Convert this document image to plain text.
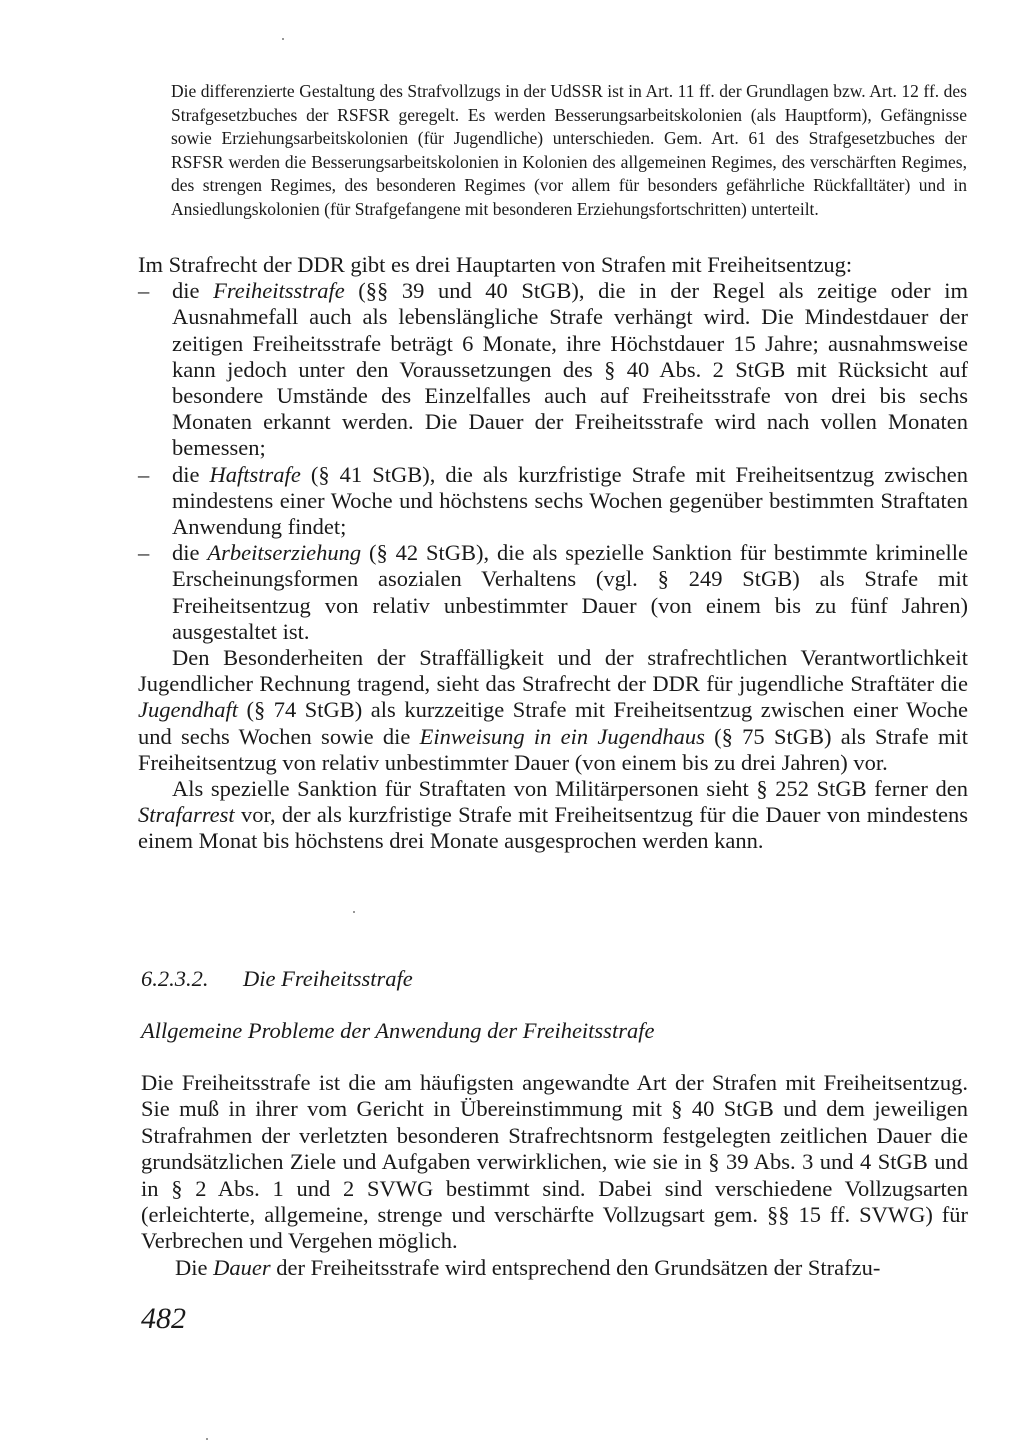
Die differenzierte Gestaltung des Strafvollzugs in der UdSSR ist in Art. 11 ff. der Grundlagen bzw. Art. 12 ff. des Strafgesetzbuches der RSFSR geregelt. Es werden Besserungsarbeitskolonien (als Hauptform), Gefängnisse sowie Erziehungsarbeitskolonien (für Jugendliche) unterschieden. Gem. Art. 61 des Strafgesetzbuches der RSFSR werden die Besserungsarbeitskolonien in Kolonien des allgemeinen Regimes, des verschärften Regimes, des strengen Regimes, des besonderen Regimes (vor allem für besonders gefährliche Rückfalltäter) und in Ansiedlungskolonien (für Strafgefangene mit besonderen Erziehungsfortschritten) unterteilt.

Im Strafrecht der DDR gibt es drei Hauptarten von Strafen mit Freiheitsentzug:

– die Freiheitsstrafe (§§ 39 und 40 StGB), die in der Regel als zeitige oder im Ausnahmefall auch als lebenslängliche Strafe verhängt wird. Die Mindestdauer der zeitigen Freiheitsstrafe beträgt 6 Monate, ihre Höchstdauer 15 Jahre; ausnahmsweise kann jedoch unter den Voraussetzungen des § 40 Abs. 2 StGB mit Rücksicht auf besondere Umstände des Einzelfalles auch auf Freiheitsstrafe von drei bis sechs Monaten erkannt werden. Die Dauer der Freiheitsstrafe wird nach vollen Monaten bemessen;
– die Haftstrafe (§ 41 StGB), die als kurzfristige Strafe mit Freiheitsentzug zwischen mindestens einer Woche und höchstens sechs Wochen gegenüber bestimmten Straftaten Anwendung findet;
– die Arbeitserziehung (§ 42 StGB), die als spezielle Sanktion für bestimmte kriminelle Erscheinungsformen asozialen Verhaltens (vgl. § 249 StGB) als Strafe mit Freiheitsentzug von relativ unbestimmter Dauer (von einem bis zu fünf Jahren) ausgestaltet ist.

Den Besonderheiten der Straffälligkeit und der strafrechtlichen Verantwortlichkeit Jugendlicher Rechnung tragend, sieht das Strafrecht der DDR für jugendliche Straftäter die Jugendhaft (§ 74 StGB) als kurzzeitige Strafe mit Freiheitsentzug zwischen einer Woche und sechs Wochen sowie die Einweisung in ein Jugendhaus (§ 75 StGB) als Strafe mit Freiheitsentzug von relativ unbestimmter Dauer (von einem bis zu drei Jahren) vor.

Als spezielle Sanktion für Straftaten von Militärpersonen sieht § 252 StGB ferner den Strafarrest vor, der als kurzfristige Strafe mit Freiheitsentzug für die Dauer von mindestens einem Monat bis höchstens drei Monate ausgesprochen werden kann.

6.2.3.2. Die Freiheitsstrafe
Allgemeine Probleme der Anwendung der Freiheitsstrafe

Die Freiheitsstrafe ist die am häufigsten angewandte Art der Strafen mit Freiheitsentzug. Sie muß in ihrer vom Gericht in Übereinstimmung mit § 40 StGB und dem jeweiligen Strafrahmen der verletzten besonderen Strafrechtsnorm festgelegten zeitlichen Dauer die grundsätzlichen Ziele und Aufgaben verwirklichen, wie sie in § 39 Abs. 3 und 4 StGB und in § 2 Abs. 1 und 2 SVWG bestimmt sind. Dabei sind verschiedene Vollzugsarten (erleichterte, allgemeine, strenge und verschärfte Vollzugsart gem. §§ 15 ff. SVWG) für Verbrechen und Vergehen möglich.

Die Dauer der Freiheitsstrafe wird entsprechend den Grundsätzen der Strafzu-

482
